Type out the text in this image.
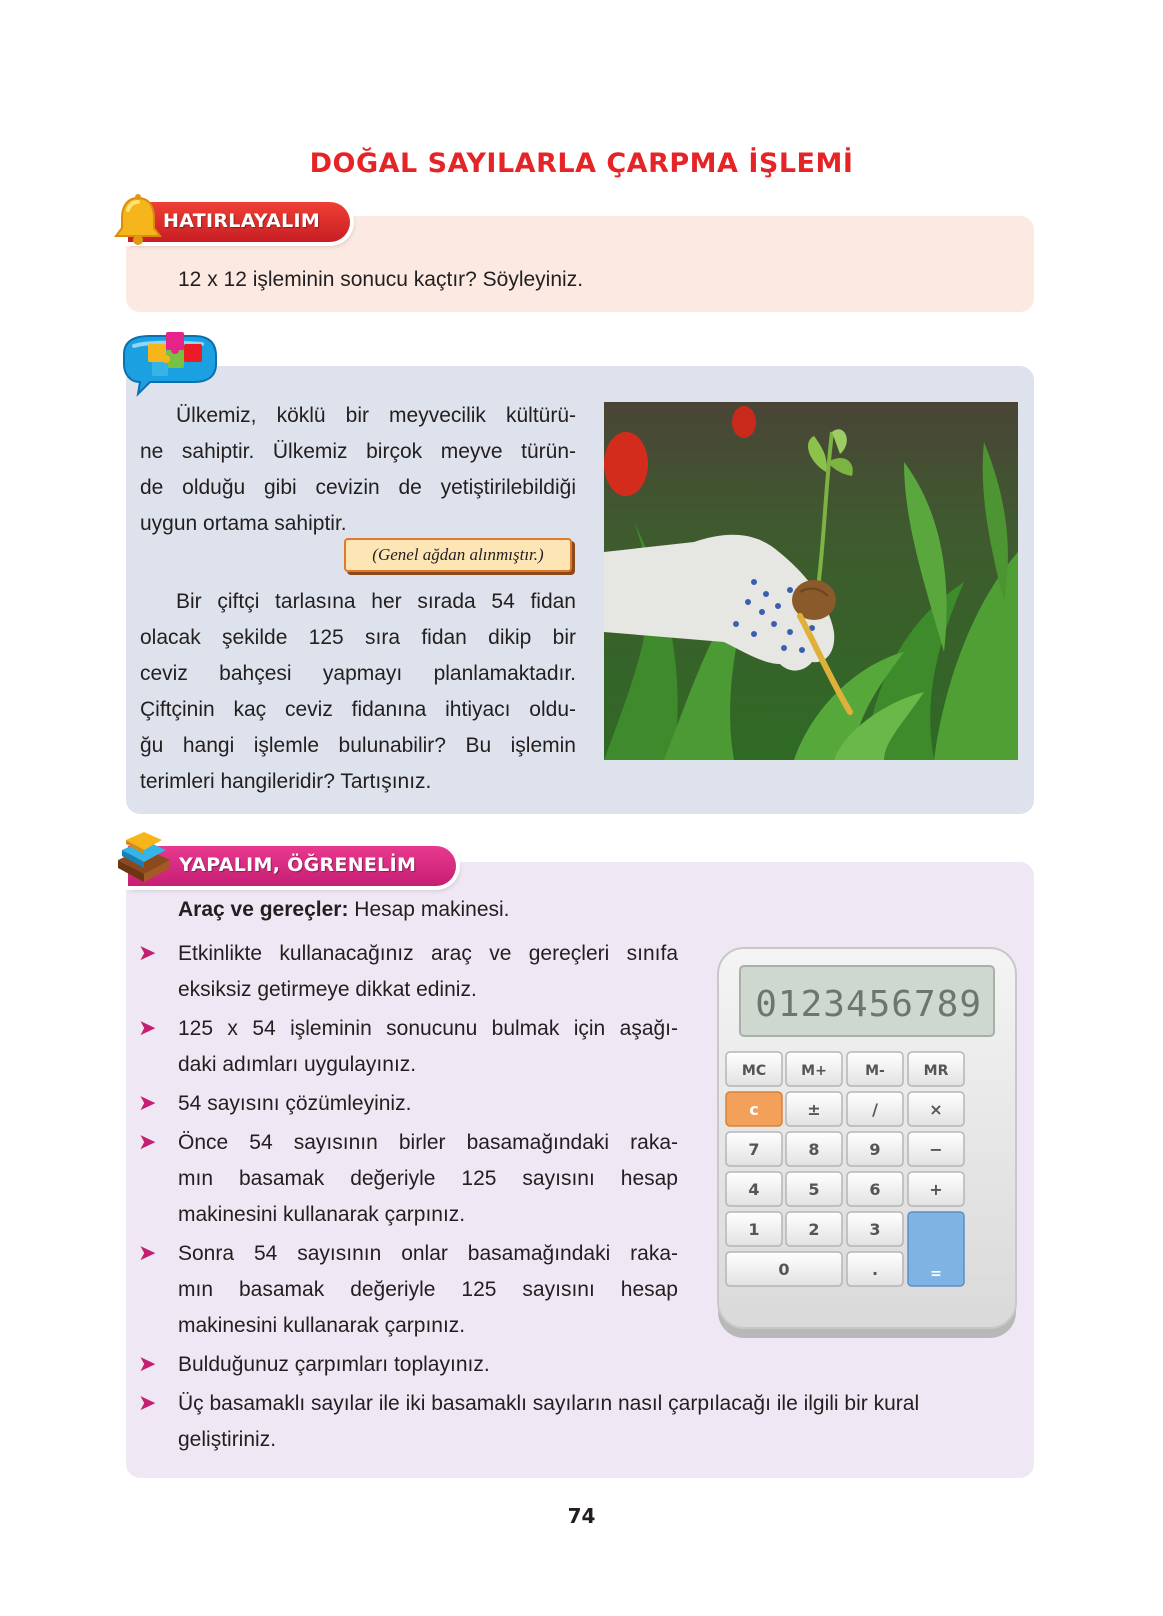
DOĞAL SAYILARLA ÇARPMA İŞLEMİ
HATIRLAYALIM
12 x 12 işleminin sonucu kaçtır? Söyleyiniz.
Ülkemiz, köklü bir meyvecilik kültürü-
ne sahiptir. Ülkemiz birçok meyve türün-
de olduğu gibi cevizin de yetiştirilebildiği
uygun ortama sahiptir.
(Genel ağdan alınmıştır.)
Bir çiftçi tarlasına her sırada 54 fidan
olacak şekilde 125 sıra fidan dikip bir
ceviz bahçesi yapmayı planlamaktadır.
Çiftçinin kaç ceviz fidanına ihtiyacı oldu-
ğu hangi işlemle bulunabilir? Bu işlemin
terimleri hangileridir? Tartışınız.
YAPALIM, ÖĞRENELİM
Araç ve gereçler: Hesap makinesi.
➤ Etkinlikte kullanacağınız araç ve gereçleri sınıfa
eksiksiz getirmeye dikkat ediniz.
➤ 125 x 54 işleminin sonucunu bulmak için aşağı-
daki adımları uygulayınız.
➤ 54 sayısını çözümleyiniz.
➤ Önce 54 sayısının birler basamağındaki raka-
mın basamak değeriyle 125 sayısını hesap
makinesini kullanarak çarpınız.
➤ Sonra 54 sayısının onlar basamağındaki raka-
mın basamak değeriyle 125 sayısını hesap
makinesini kullanarak çarpınız.
➤ Bulduğunuz çarpımları toplayınız.
➤ Üç basamaklı sayılar ile iki basamaklı sayıların nasıl çarpılacağı ile ilgili bir kural
geliştiriniz.
0123456789
MC	M+	M-	MR
c	±	/	×
7	8	9	−
4	5	6	+
1	2	3
0	.	=
74
